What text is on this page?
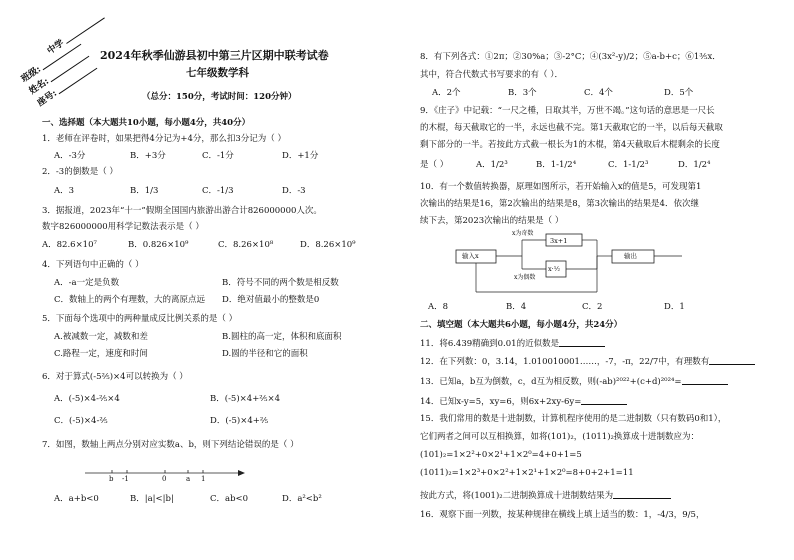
中学
班级:
姓名:
座号:
2024年秋季仙游县初中第三片区期中联考试卷
七年级数学科
（总分：150分，考试时间：120分钟）
一、选择题（本大题共10小题，每小题4分，共40分）
1．老师在评卷时，如果把得4分记为+4分，那么扣3分记为（ ）
A．-3分	B．+3分	C．-1分	D．+1分
2．-3的倒数是（ ）
A．3	B．1/3	C．-1/3	D．-3
3．据报道，2023年“十一”假期全国国内旅游出游合计826000000人次。
数字826000000用科学记数法表示是（ ）
A．82.6×10⁷	B．0.826×10⁹	C．8.26×10⁸	D．8.26×10⁹
4．下列语句中正确的（ ）
A．-a一定是负数	B．符号不同的两个数是相反数
C．数轴上的两个有理数，大的离原点远 D．绝对值最小的整数是0
5．下面每个选项中的两种量成反比例关系的是（ ）
A.被减数一定，减数和差	B.圆柱的高一定，体积和底面积
C.路程一定，速度和时间	D.圆的半径和它的面积
6．对于算式(-5⅖)×4可以转换为（ ）
A．(-5)×4-⅖×4	B．(-5)×4+⅖×4
C．(-5)×4-⅖	D．(-5)×4+⅖
7．如图，数轴上两点分别对应实数a、b，则下列结论错误的是（ ）
b -1	0	a 1
A．a+b<0	B．|a|<|b|	C．ab<0	D．a²<b²
8．有下列各式：①2π；②30%a；③-2°C；④(3x²-y)/2；⑤a-b+c；⑥1⅗x．
其中，符合代数式书写要求的有（ ）．
A．2个	B．3个	C．4个	D．5个
9．《庄子》中记载：“一尺之棰，日取其半，万世不竭。”这句话的意思是一尺长
的木棍，每天截取它的一半，永远也截不完。第1天截取它的一半，以后每天截取
剩下部分的一半。若按此方式截一根长为1的木棍，第4天截取后木棍剩余的长度
是（ ）	A．1/2³	B．1-1/2⁴	C．1-1/2³	D．1/2⁴
10．有一个数值转换器，原理如图所示，若开始输入x的值是5，可发现第1
次输出的结果是16，第2次输出的结果是8，第3次输出的结果是4．依次继
续下去，第2023次输出的结果是（ ）
输入x	输出
x为奇数
x为偶数
3x+1
x·½
A．8	B．4	C．2	D．1
二、填空题（本大题共6小题，每小题4分，共24分）
11．将6.439精确到0.01的近似数是
12．在下列数：0，3.14，1.010010001……，-7，-π，22/7中，有理数有
13．已知a，b互为倒数，c，d互为相反数，则(-ab)²⁰²²+(c+d)²⁰²⁴=
14．已知x-y=5，xy=6，则6x+2xy-6y=
15．我们常用的数是十进制数，计算机程序使用的是二进制数（只有数码0和1），
它们两者之间可以互相换算，如将(101)₂，(1011)₂换算成十进制数应为：
(101)₂=1×2²+0×2¹+1×2⁰=4+0+1=5
(1011)₂=1×2³+0×2²+1×2¹+1×2⁰=8+0+2+1=11
按此方式，将(1001)₂二进制换算成十进制数结果为
16．观察下面一列数，按某种规律在横线上填上适当的数：1，-4/3，9/5，
